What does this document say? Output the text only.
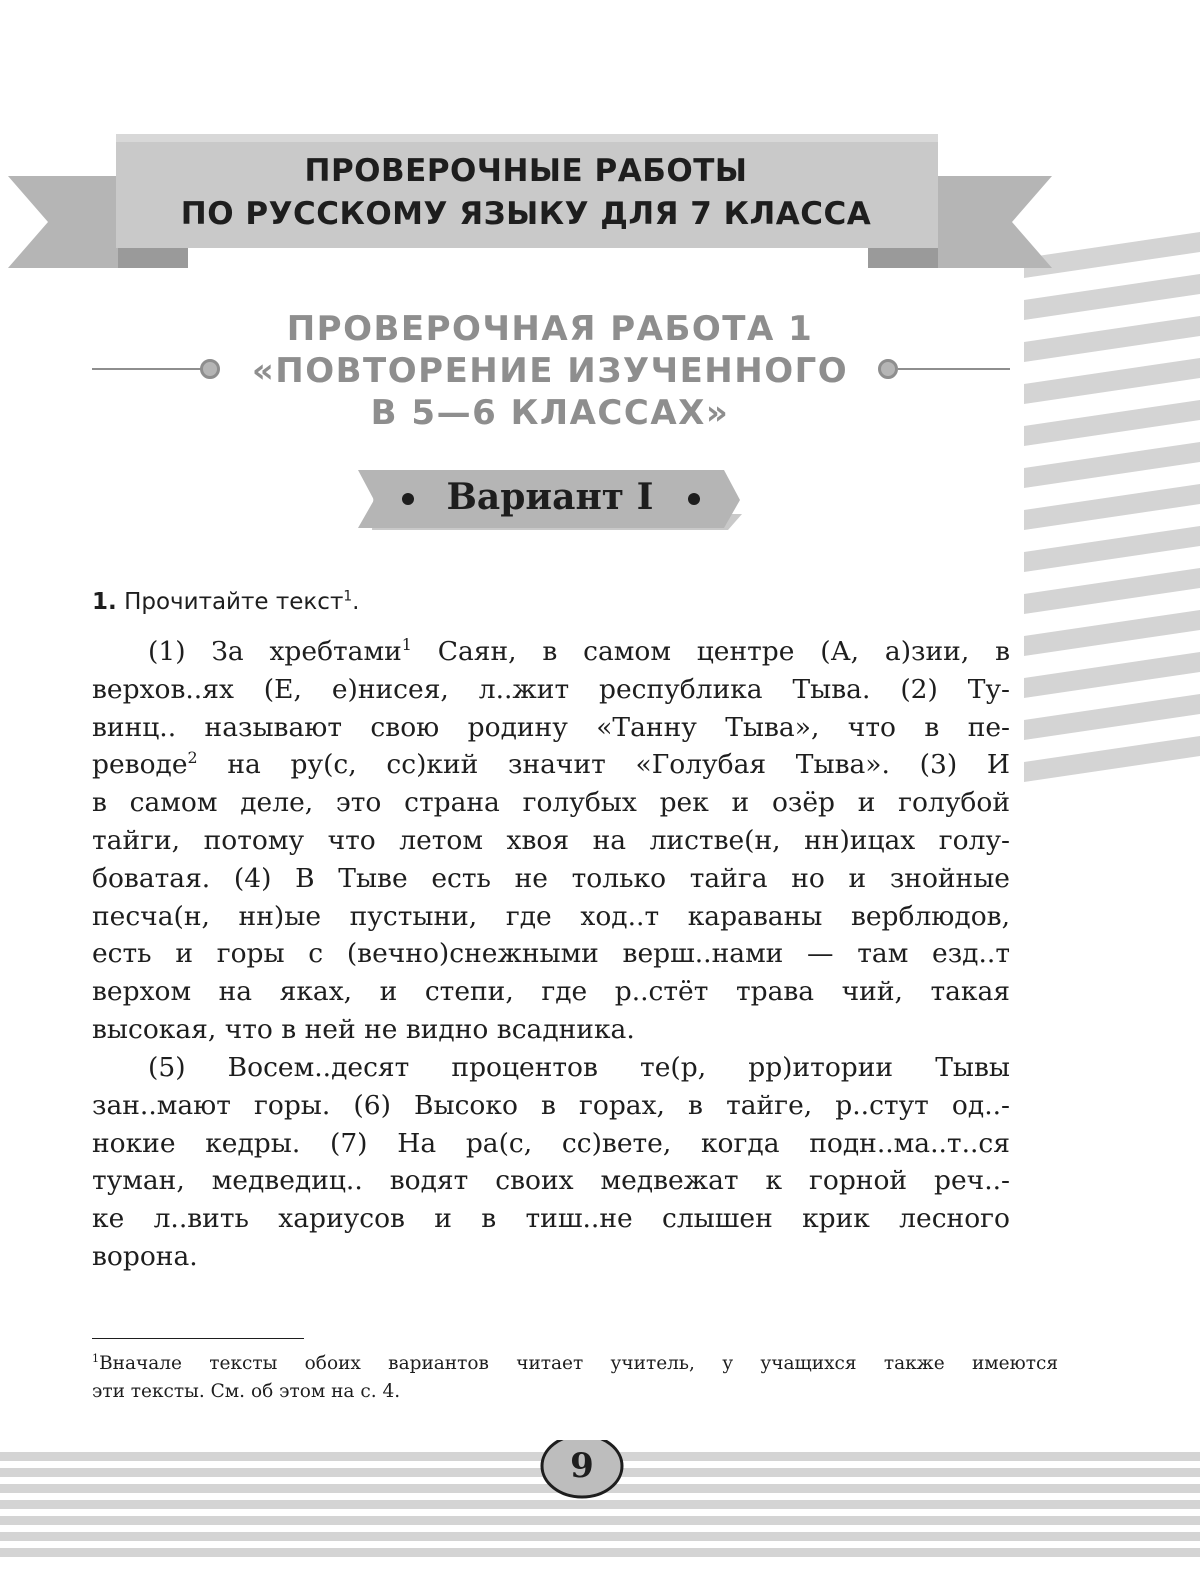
ПРОВЕРОЧНЫЕ РАБОТЫ
ПО РУССКОМУ ЯЗЫКУ ДЛЯ 7 КЛАССА
ПРОВЕРОЧНАЯ РАБОТА 1
«ПОВТОРЕНИЕ ИЗУЧЕННОГО
В 5—6 КЛАССАХ»
Вариант I
1. Прочитайте текст$^1$.
(1) За хребтами$^1$ Саян, в самом центре (А, а)зии, в
верхов..ях (Е, е)нисея, л..жит республика Тыва. (2) Ту-
винц.. называют свою родину «Танну Тыва», что в пе-
реводе$^2$ на ру(с, сс)кий значит «Голубая Тыва». (3) И
в самом деле, это страна голубых рек и озёр и голубой
тайги, потому что летом хвоя на листве(н, нн)ицах голу-
боватая. (4) В Тыве есть не только тайга но и знойные
песча(н, нн)ые пустыни, где ход..т караваны верблюдов,
есть и горы с (вечно)снежными верш..нами — там езд..т
верхом на яках, и степи, где р..стёт трава чий, такая
высокая, что в ней не видно всадника.
(5) Восем..десят процентов те(р, рр)итории Тывы
зан..мают горы. (6) Высоко в горах, в тайге, р..стут од..-
нокие кедры. (7) На ра(с, сс)вете, когда подн..ма..т..ся
туман, медведиц.. водят своих медвежат к горной реч..-
ке л..вить хариусов и в тиш..не слышен крик лесного
ворона.
$^1$Вначале тексты обоих вариантов читает учитель, у учащихся также имеются
эти тексты. См. об этом на с. 4.
9
